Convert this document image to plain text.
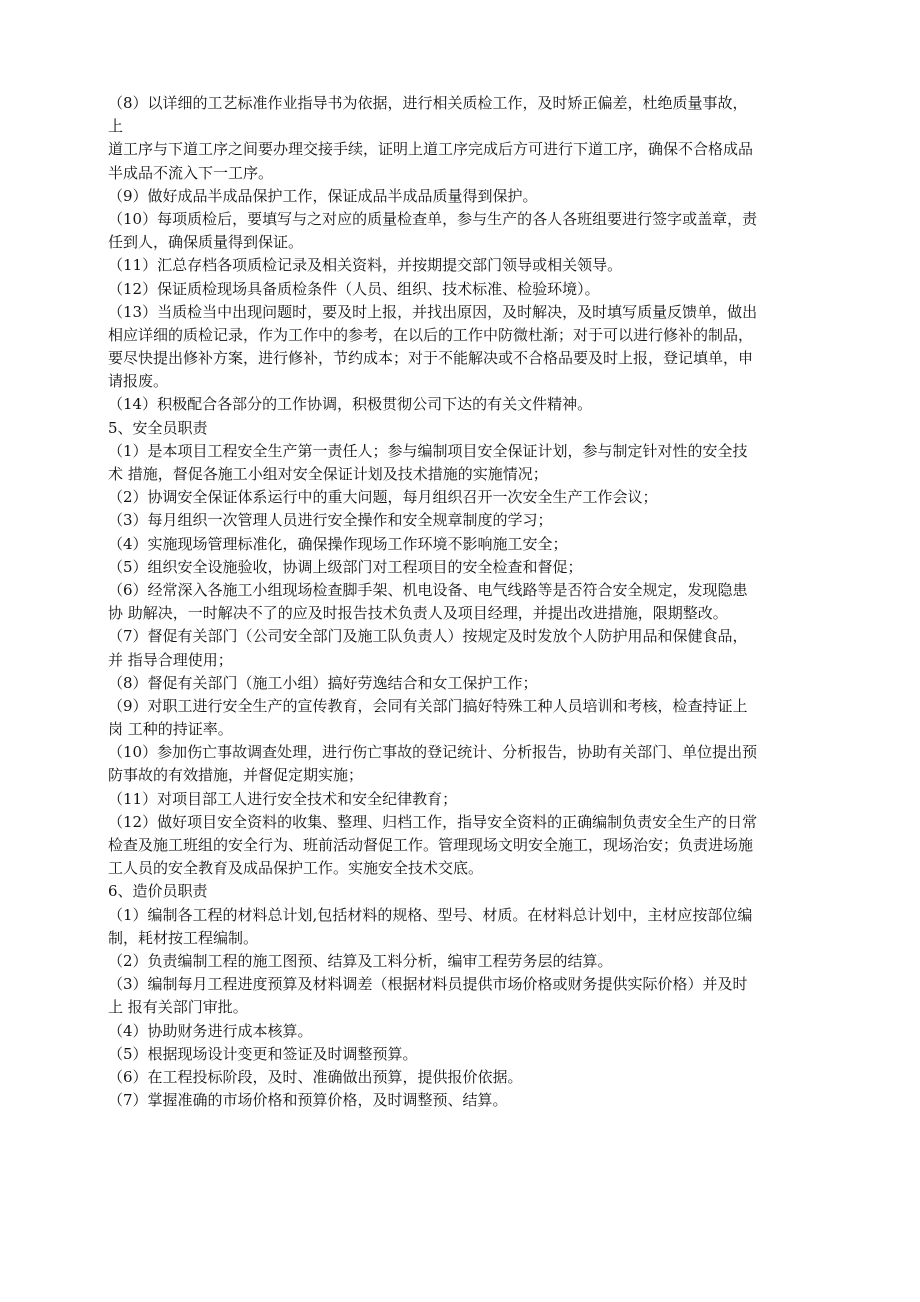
（8）以详细的工艺标准作业指导书为依据，进行相关质检工作，及时矫正偏差，杜绝质量事故，
上
道工序与下道工序之间要办理交接手续，证明上道工序完成后方可进行下道工序，确保不合格成品
半成品不流入下一工序。
（9）做好成品半成品保护工作，保证成品半成品质量得到保护。
（10）每项质检后，要填写与之对应的质量检查单，参与生产的各人各班组要进行签字或盖章，责
任到人，确保质量得到保证。
（11）汇总存档各项质检记录及相关资料，并按期提交部门领导或相关领导。
（12）保证质检现场具备质检条件（人员、组织、技术标准、检验环境）。
（13）当质检当中出现问题时，要及时上报，并找出原因，及时解决，及时填写质量反馈单，做出
相应详细的质检记录，作为工作中的参考，在以后的工作中防微杜渐；对于可以进行修补的制品，
要尽快提出修补方案，进行修补，节约成本；对于不能解决或不合格品要及时上报，登记填单，申
请报废。
（14）积极配合各部分的工作协调，积极贯彻公司下达的有关文件精神。
5、安全员职责
（1）是本项目工程安全生产第一责任人；参与编制项目安全保证计划，参与制定针对性的安全技
术 措施，督促各施工小组对安全保证计划及技术措施的实施情况；
（2）协调安全保证体系运行中的重大问题，每月组织召开一次安全生产工作会议；
（3）每月组织一次管理人员进行安全操作和安全规章制度的学习；
（4）实施现场管理标准化，确保操作现场工作环境不影响施工安全；
（5）组织安全设施验收，协调上级部门对工程项目的安全检查和督促；
（6）经常深入各施工小组现场检查脚手架、机电设备、电气线路等是否符合安全规定，发现隐患
协 助解决，一时解决不了的应及时报告技术负责人及项目经理，并提出改进措施，限期整改。
（7）督促有关部门（公司安全部门及施工队负责人）按规定及时发放个人防护用品和保健食品，
并 指导合理使用；
（8）督促有关部门（施工小组）搞好劳逸结合和女工保护工作；
（9）对职工进行安全生产的宣传教育，会同有关部门搞好特殊工种人员培训和考核，检查持证上
岗 工种的持证率。
（10）参加伤亡事故调查处理，进行伤亡事故的登记统计、分析报告，协助有关部门、单位提出预
防事故的有效措施，并督促定期实施；
（11）对项目部工人进行安全技术和安全纪律教育；
（12）做好项目安全资料的收集、整理、归档工作，指导安全资料的正确编制负责安全生产的日常
检查及施工班组的安全行为、班前活动督促工作。管理现场文明安全施工，现场治安；负责进场施
工人员的安全教育及成品保护工作。实施安全技术交底。
6、造价员职责
（1）编制各工程的材料总计划,包括材料的规格、型号、材质。在材料总计划中，主材应按部位编
制，耗材按工程编制。
（2）负责编制工程的施工图预、结算及工料分析，编审工程劳务层的结算。
（3）编制每月工程进度预算及材料调差（根据材料员提供市场价格或财务提供实际价格）并及时
上 报有关部门审批。
（4）协助财务进行成本核算。
（5）根据现场设计变更和签证及时调整预算。
（6）在工程投标阶段，及时、准确做出预算，提供报价依据。
（7）掌握准确的市场价格和预算价格，及时调整预、结算。
